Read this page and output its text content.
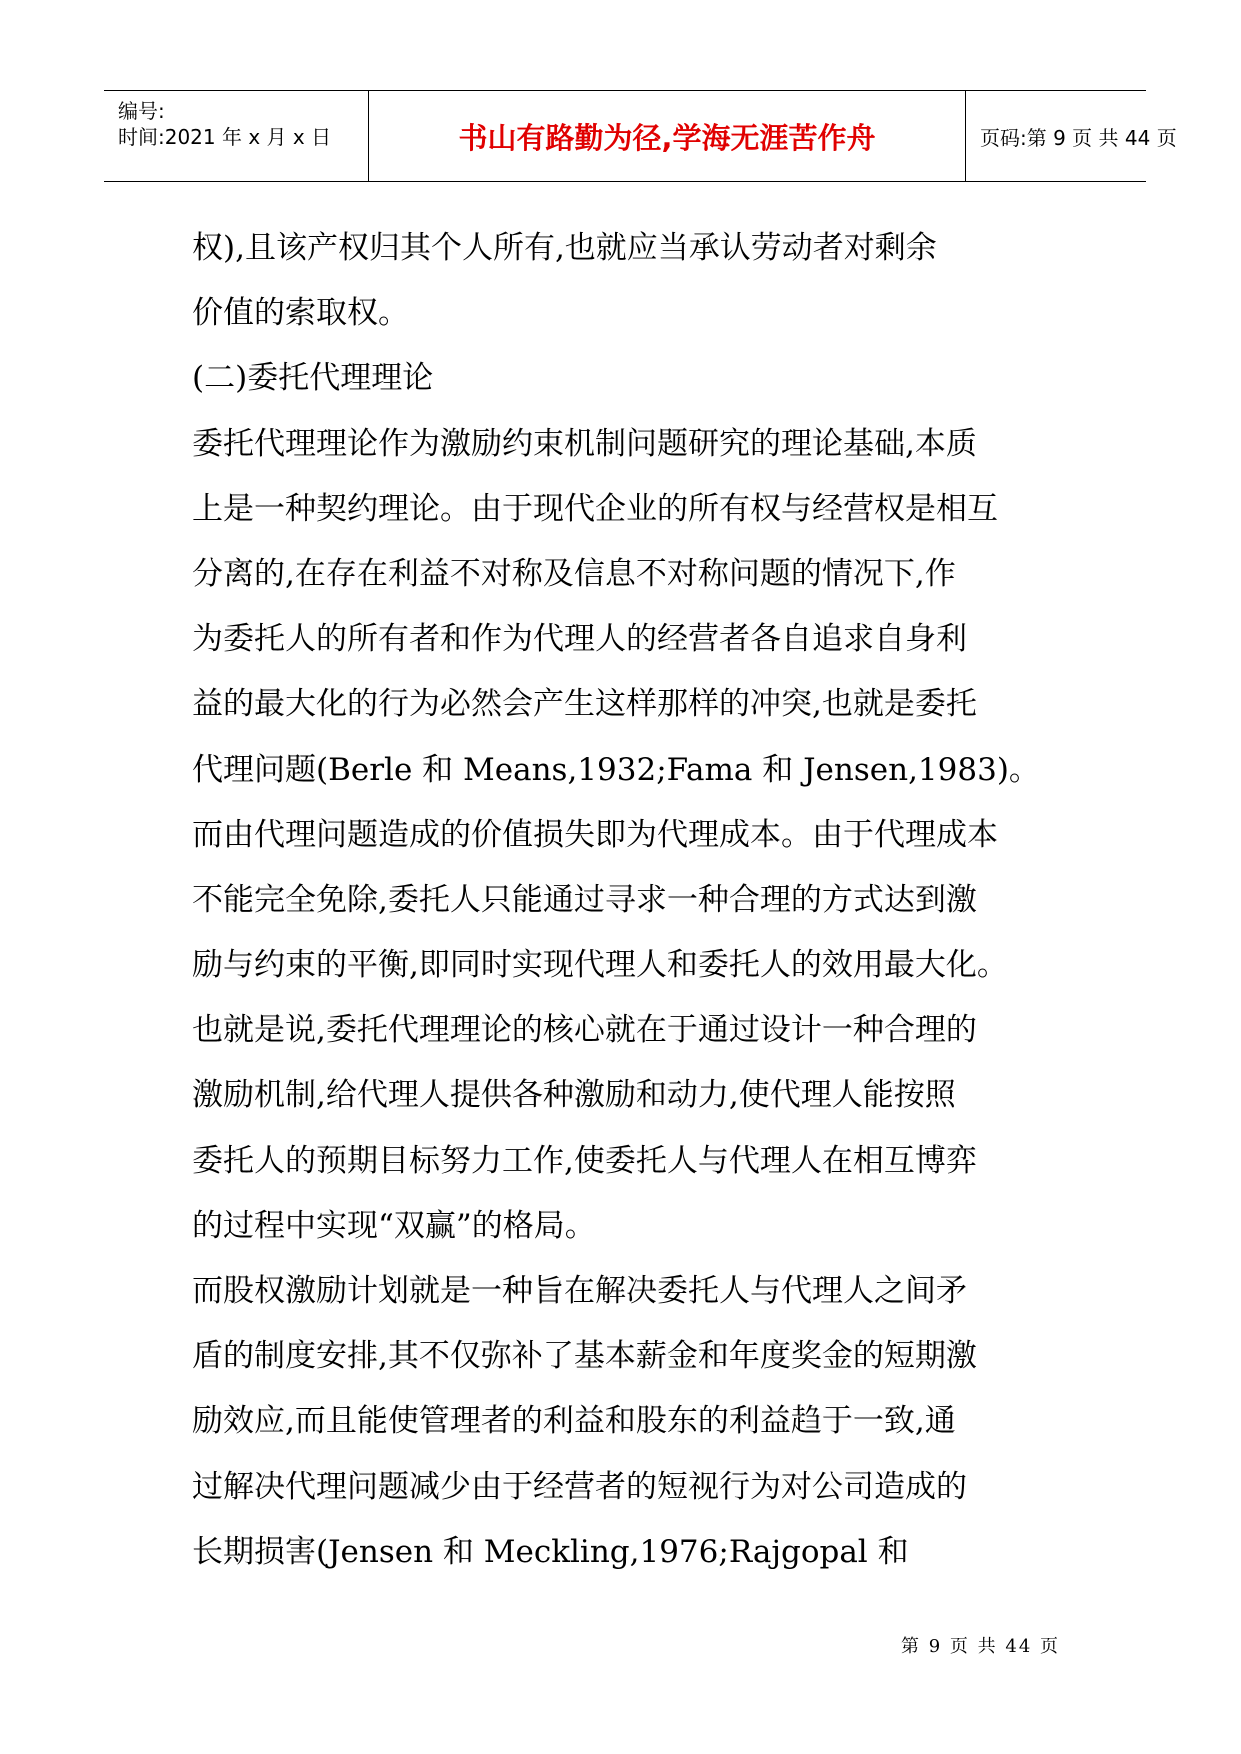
编号:
时间:2021 年 x 月 x 日	书山有路勤为径,学海无涯苦作舟	页码:第 9 页 共 44 页
权),且该产权归其个人所有,也就应当承认劳动者对剩余
价值的索取权。
(二)委托代理理论
委托代理理论作为激励约束机制问题研究的理论基础,本质
上是一种契约理论。由于现代企业的所有权与经营权是相互
分离的,在存在利益不对称及信息不对称问题的情况下,作
为委托人的所有者和作为代理人的经营者各自追求自身利
益的最大化的行为必然会产生这样那样的冲突,也就是委托
代理问题(Berle 和 Means,1932;Fama 和 Jensen,1983)。
而由代理问题造成的价值损失即为代理成本。由于代理成本
不能完全免除,委托人只能通过寻求一种合理的方式达到激
励与约束的平衡,即同时实现代理人和委托人的效用最大化。
也就是说,委托代理理论的核心就在于通过设计一种合理的
激励机制,给代理人提供各种激励和动力,使代理人能按照
委托人的预期目标努力工作,使委托人与代理人在相互博弈
的过程中实现“双赢”的格局。
而股权激励计划就是一种旨在解决委托人与代理人之间矛
盾的制度安排,其不仅弥补了基本薪金和年度奖金的短期激
励效应,而且能使管理者的利益和股东的利益趋于一致,通
过解决代理问题减少由于经营者的短视行为对公司造成的
长期损害(Jensen 和 Meckling,1976;Rajgopal 和
第 9 页 共 44 页
